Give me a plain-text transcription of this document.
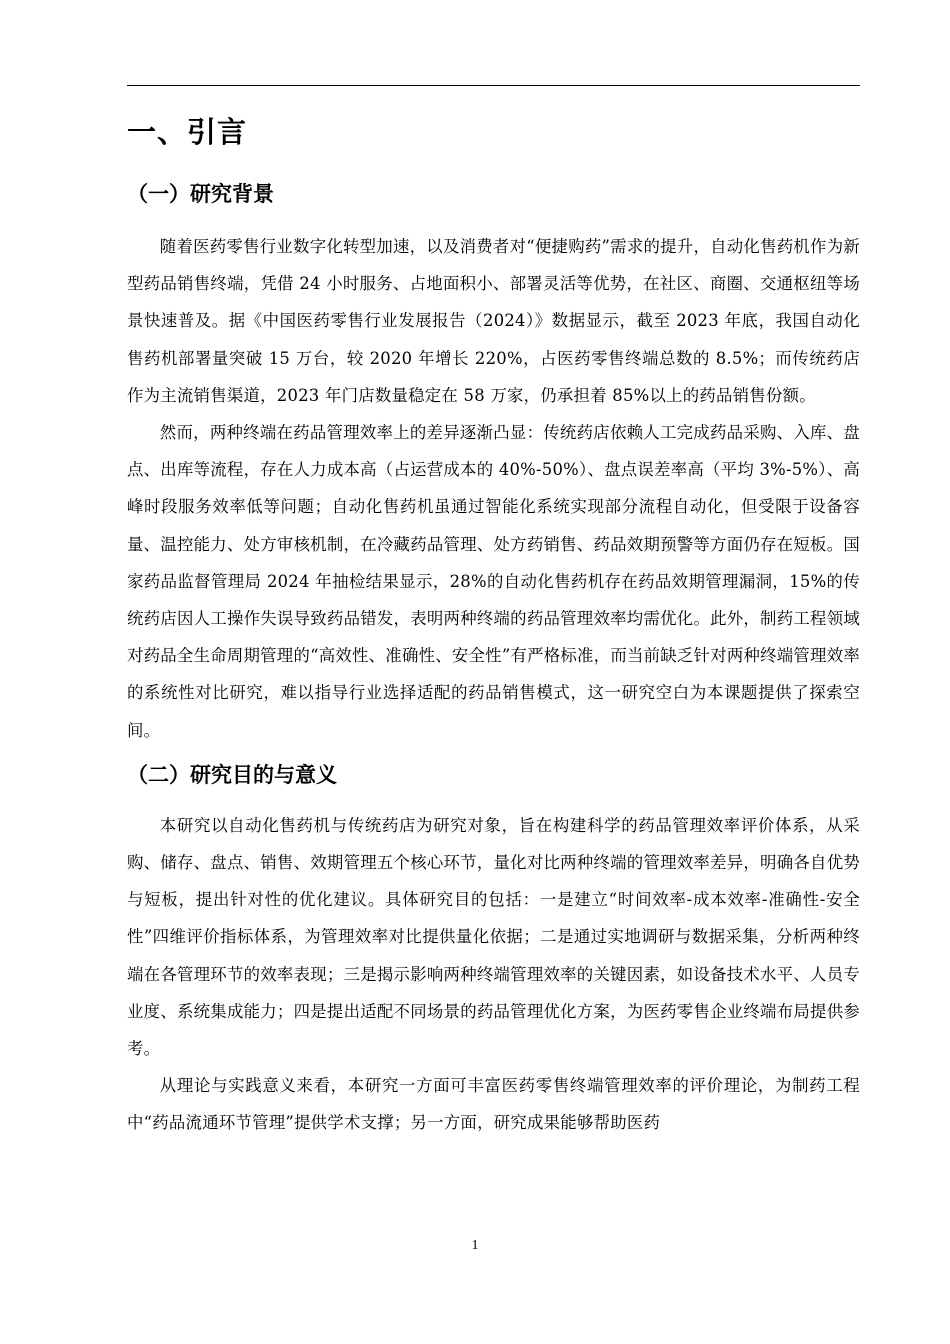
一、引言
（一）研究背景

随着医药零售行业数字化转型加速，以及消费者对“便捷购药”需求的提升，自动化售药机作为新型药品销售终端，凭借 24 小时服务、占地面积小、部署灵活等优势，在社区、商圈、交通枢纽等场景快速普及。据《中国医药零售行业发展报告（2024）》数据显示，截至 2023 年底，我国自动化售药机部署量突破 15 万台，较 2020 年增长 220%，占医药零售终端总数的 8.5%；而传统药店作为主流销售渠道，2023 年门店数量稳定在 58 万家，仍承担着 85%以上的药品销售份额。

然而，两种终端在药品管理效率上的差异逐渐凸显：传统药店依赖人工完成药品采购、入库、盘点、出库等流程，存在人力成本高（占运营成本的 40%-50%）、盘点误差率高（平均 3%-5%）、高峰时段服务效率低等问题；自动化售药机虽通过智能化系统实现部分流程自动化，但受限于设备容量、温控能力、处方审核机制，在冷藏药品管理、处方药销售、药品效期预警等方面仍存在短板。国家药品监督管理局 2024 年抽检结果显示，28%的自动化售药机存在药品效期管理漏洞，15%的传统药店因人工操作失误导致药品错发，表明两种终端的药品管理效率均需优化。此外，制药工程领域对药品全生命周期管理的“高效性、准确性、安全性”有严格标准，而当前缺乏针对两种终端管理效率的系统性对比研究，难以指导行业选择适配的药品销售模式，这一研究空白为本课题提供了探索空间。

（二）研究目的与意义

本研究以自动化售药机与传统药店为研究对象，旨在构建科学的药品管理效率评价体系，从采购、储存、盘点、销售、效期管理五个核心环节，量化对比两种终端的管理效率差异，明确各自优势与短板，提出针对性的优化建议。具体研究目的包括：一是建立“时间效率-成本效率-准确性-安全性”四维评价指标体系，为管理效率对比提供量化依据；二是通过实地调研与数据采集，分析两种终端在各管理环节的效率表现；三是揭示影响两种终端管理效率的关键因素，如设备技术水平、人员专业度、系统集成能力；四是提出适配不同场景的药品管理优化方案，为医药零售企业终端布局提供参考。

从理论与实践意义来看，本研究一方面可丰富医药零售终端管理效率的评价理论，为制药工程中“药品流通环节管理”提供学术支撑；另一方面，研究成果能够帮助医药

1
